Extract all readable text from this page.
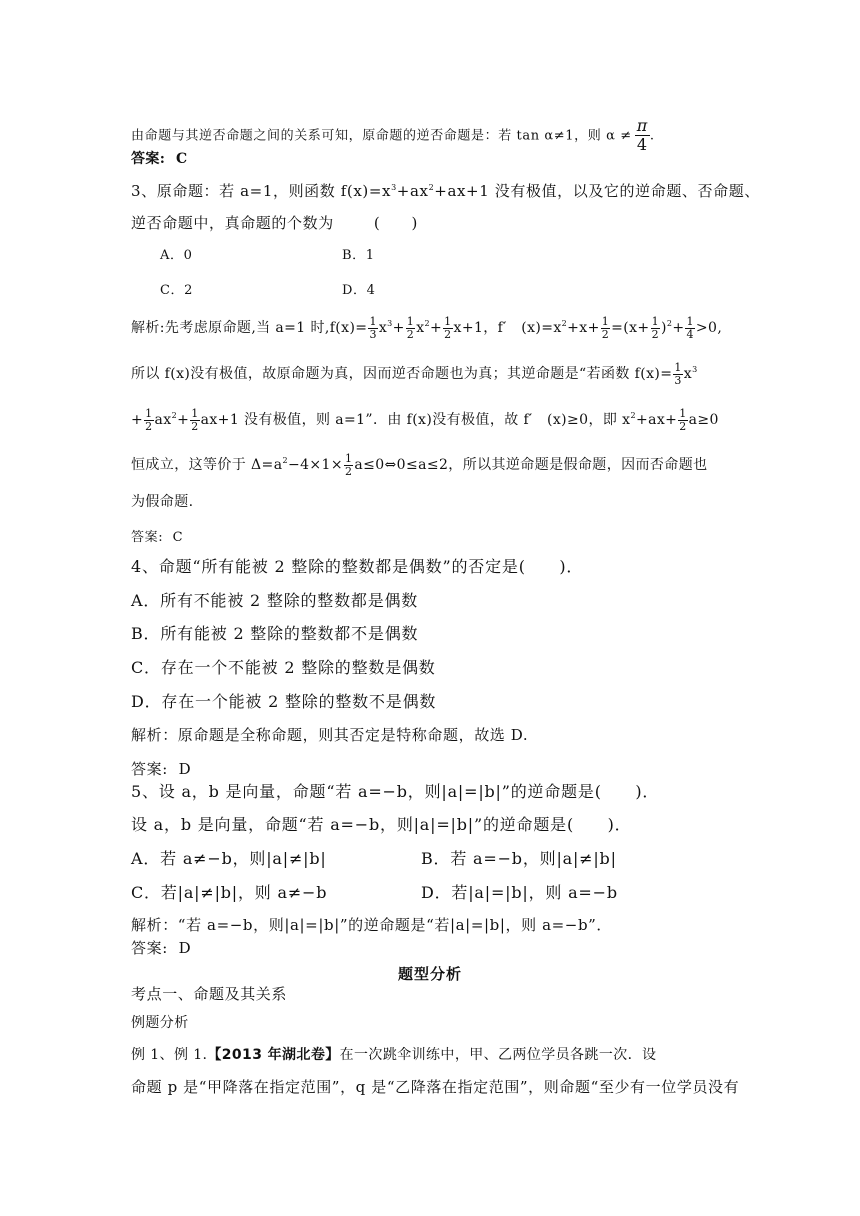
由命题与其逆否命题之间的关系可知，原命题的逆否命题是：若 tan α≠1，则 $\alpha \ne \frac{\pi}{4}$ .
答案: C
3、原命题：若 a=1，则函数 $f(x)=x^3+ax^2+ax+1$ 没有极值，以及它的逆命题、否命题、
逆否命题中，真命题的个数为	(　　)
A．0	B．1
C．2	D．4
解析:先考虑原命题,当 a=1 时$,f(x)= \frac{1}{3} x^3+ \frac{1}{2} x^2+ \frac{1}{2} x+1$，f′　$(x)=x^2+x+ \frac{1}{2} =(x+ \frac{1}{2} )^2+ \frac{1}{4} >0$,
所以 f(x)没有极值，故原命题为真，因而逆否命题也为真；其逆命题是“若函数 $f(x)= \frac{1}{3} x^3$
+ $\frac{1}{2} ax^2+ \frac{1}{2} ax+1$ 没有极值，则 a=1”．由 f(x)没有极值，故 f′　(x)≥0，即 $x^2+ax+ \frac{1}{2} a\ge 0$
恒成立，这等价于 $\Delta=a^2-4\times 1\times \frac{1}{2}$ a≤0⇔0≤a≤2，所以其逆命题是假命题，因而否命题也
为假命题.
答案: C
4、命题“所有能被 2 整除的整数都是偶数”的否定是(　　)．
A．所有不能被 2 整除的整数都是偶数
B．所有能被 2 整除的整数都不是偶数
C．存在一个不能被 2 整除的整数是偶数
D．存在一个能被 2 整除的整数不是偶数
解析：原命题是全称命题，则其否定是特称命题，故选 D.
答案: D
5、设 a，b 是向量，命题“若 a=−b，则|a|=|b|”的逆命题是(　　)．
设 a，b 是向量，命题“若 a=−b，则|a|=|b|”的逆命题是(　　)．
A．若 a≠−b，则|a|≠|b|	B．若 a=−b，则|a|≠|b|
C．若|a|≠|b|，则 a≠−b	D．若|a|=|b|，则 a=−b
解析：“若 a=−b，则|a|=|b|”的逆命题是“若|a|=|b|，则 a=−b”．
答案: D
题型分析
考点一、命题及其关系
例题分析
例 1、例 1.【2013 年湖北卷】在一次跳伞训练中，甲、乙两位学员各跳一次．设
命题 p 是“甲降落在指定范围”，q 是“乙降落在指定范围”，则命题“至少有一位学员没有
